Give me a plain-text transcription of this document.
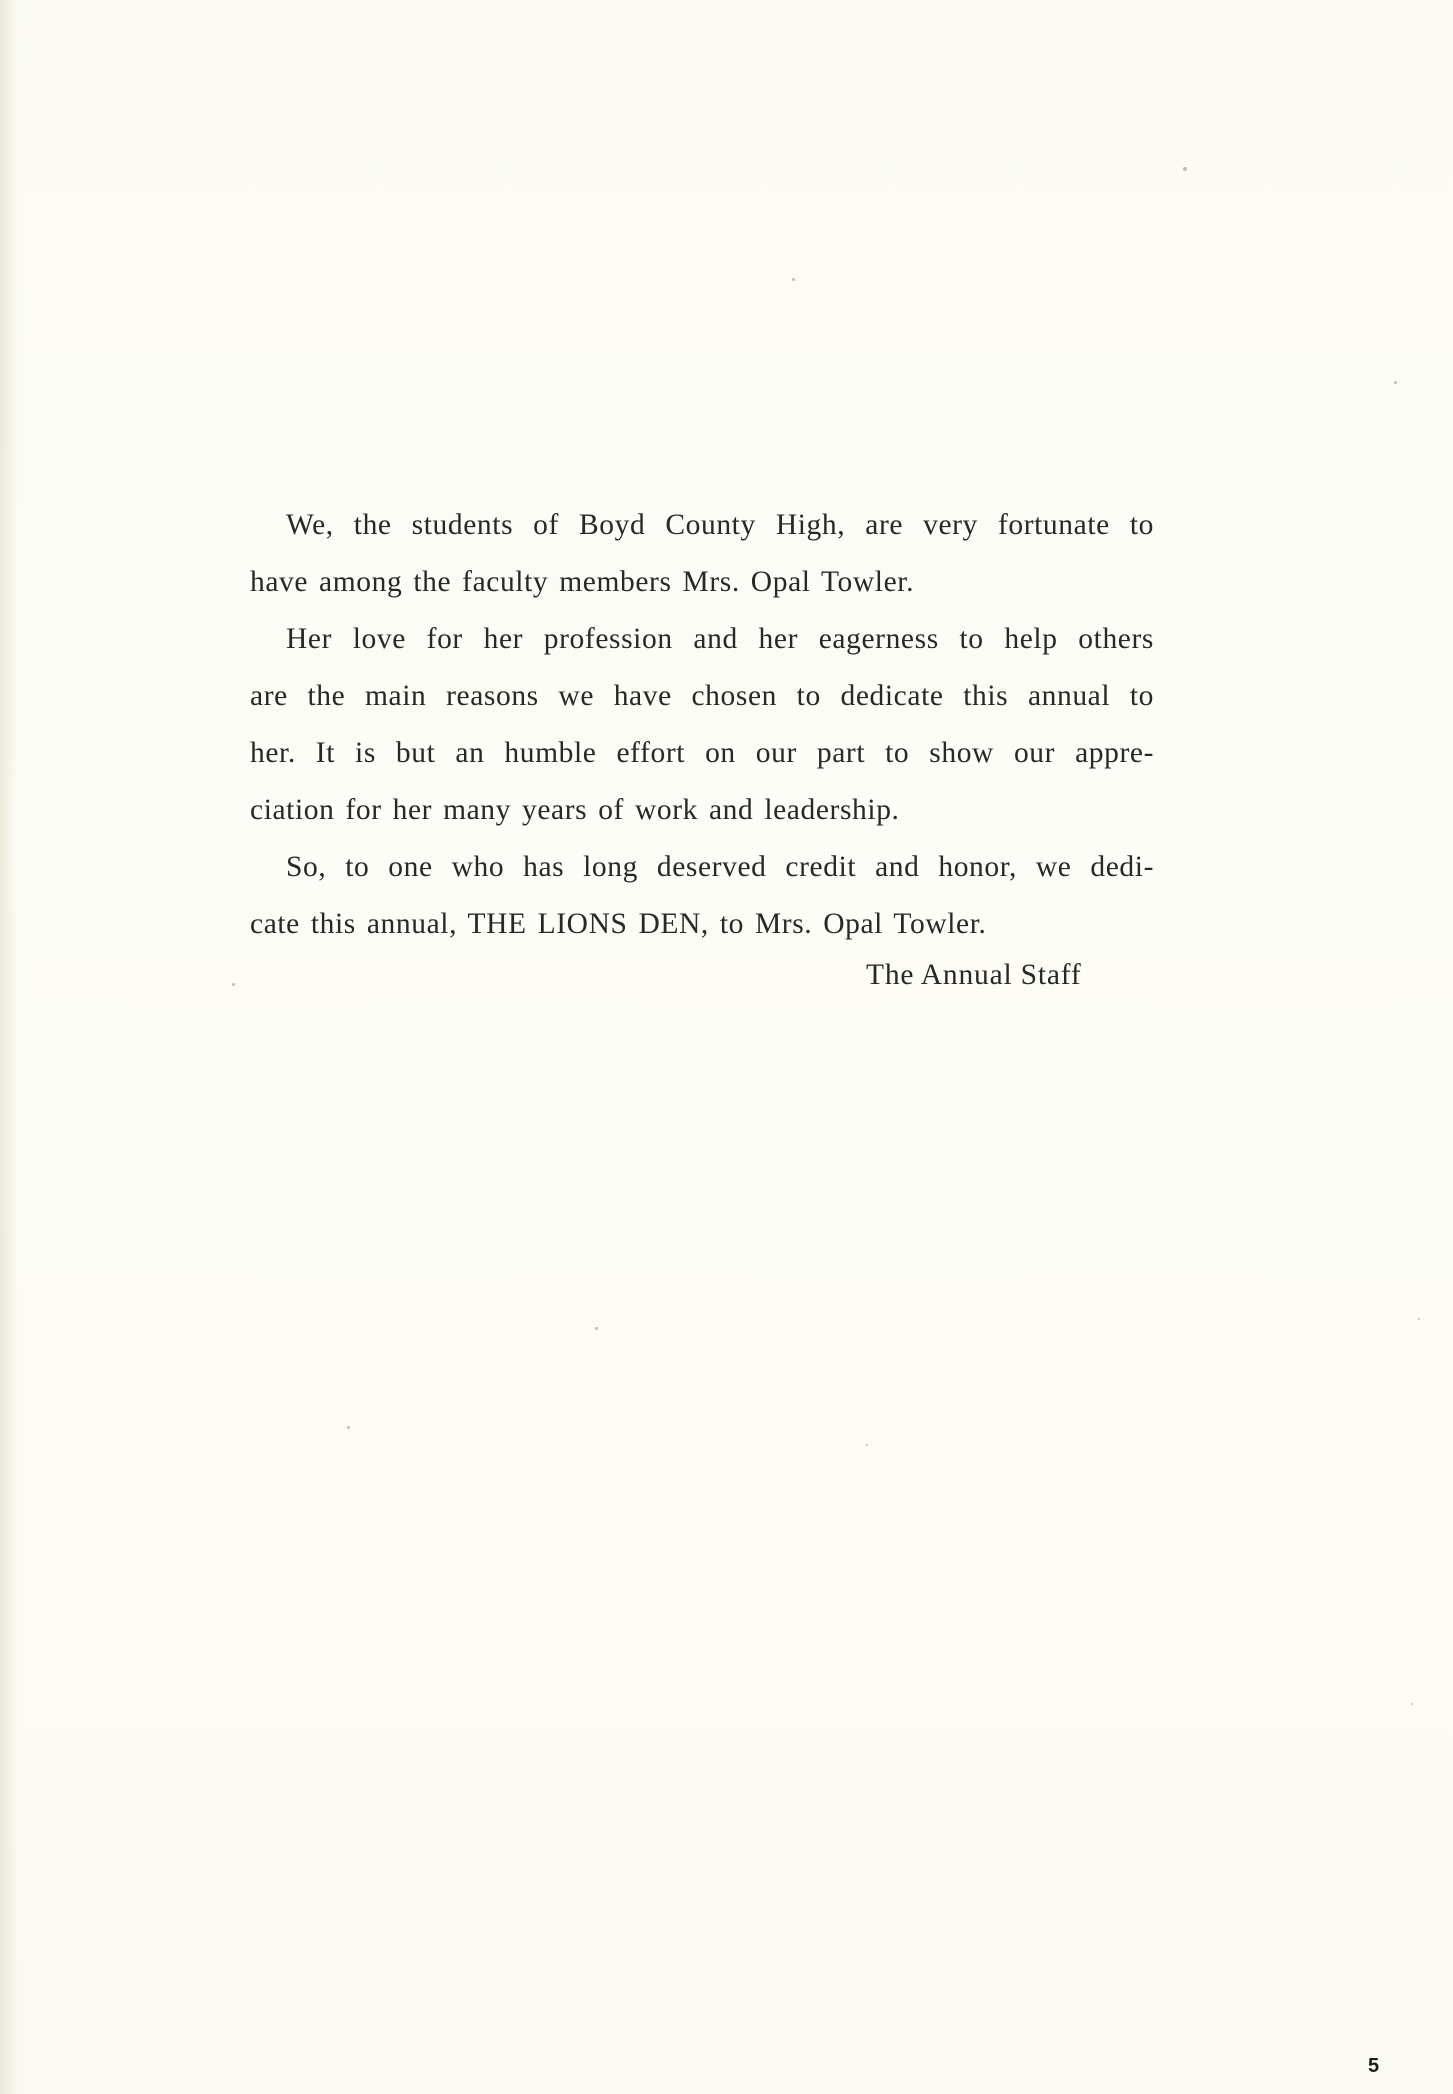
We, the students of Boyd County High, are very fortunate to
have among the faculty members Mrs. Opal Towler.

Her love for her profession and her eagerness to help others
are the main reasons we have chosen to dedicate this annual to
her. It is but an humble effort on our part to show our appre-
ciation for her many years of work and leadership.

So, to one who has long deserved credit and honor, we dedi-
cate this annual, THE LIONS DEN, to Mrs. Opal Towler.

The Annual Staff
5
